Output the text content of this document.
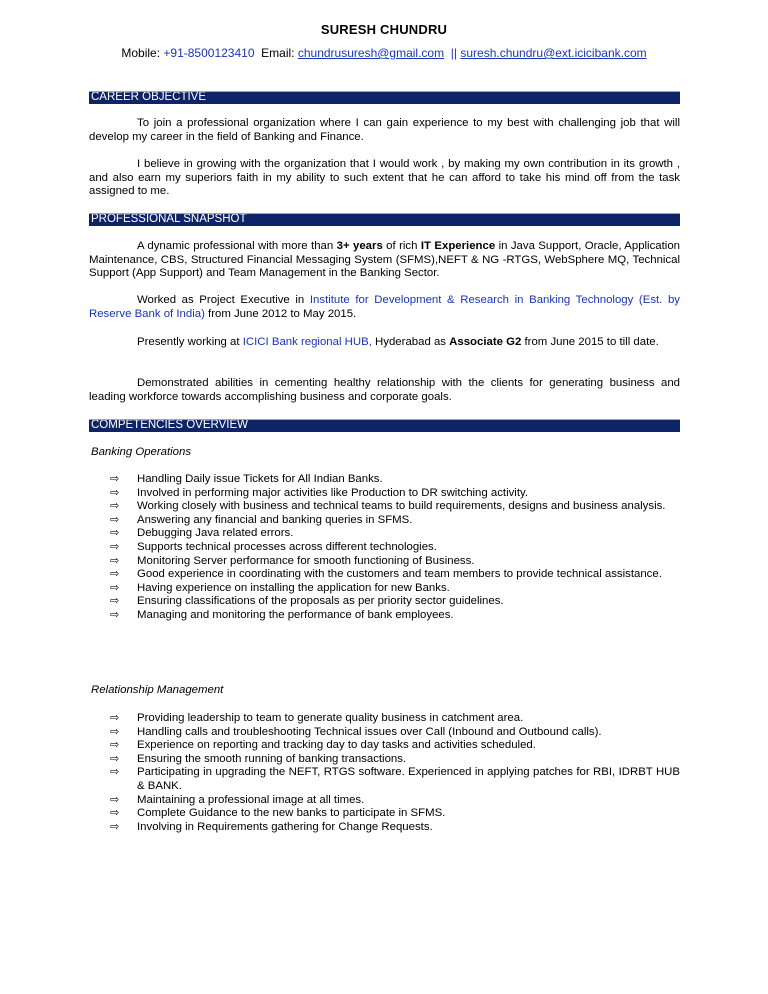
SURESH CHUNDRU
Mobile: +91-8500123410 Email: chundrusuresh@gmail.com || suresh.chundru@ext.icicibank.com
CAREER OBJECTIVE

To join a professional organization where I can gain experience to my best with challenging job that will develop my career in the field of Banking and Finance.

I believe in growing with the organization that I would work , by making my own contribution in its growth , and also earn my superiors faith in my ability to such extent that he can afford to take his mind off from the task assigned to me.

PROFESSIONAL SNAPSHOT

A dynamic professional with more than 3+ years of rich IT Experience in Java Support, Oracle, Application Maintenance, CBS, Structured Financial Messaging System (SFMS),NEFT & NG -RTGS, WebSphere MQ, Technical Support (App Support) and Team Management in the Banking Sector.

Worked as Project Executive in Institute for Development & Research in Banking Technology (Est. by Reserve Bank of India) from June 2012 to May 2015.

Presently working at ICICI Bank regional HUB, Hyderabad as Associate G2 from June 2015 to till date.

Demonstrated abilities in cementing healthy relationship with the clients for generating business and leading workforce towards accomplishing business and corporate goals.

COMPETENCIES OVERVIEW
Banking Operations
⇨ Handling Daily issue Tickets for All Indian Banks.
⇨ Involved in performing major activities like Production to DR switching activity.
⇨ Working closely with business and technical teams to build requirements, designs and business analysis.
⇨ Answering any financial and banking queries in SFMS.
⇨ Debugging Java related errors.
⇨ Supports technical processes across different technologies.
⇨ Monitoring Server performance for smooth functioning of Business.
⇨ Good experience in coordinating with the customers and team members to provide technical assistance.
⇨ Having experience on installing the application for new Banks.
⇨ Ensuring classifications of the proposals as per priority sector guidelines.
⇨ Managing and monitoring the performance of bank employees.
Relationship Management
⇨ Providing leadership to team to generate quality business in catchment area.
⇨ Handling calls and troubleshooting Technical issues over Call (Inbound and Outbound calls).
⇨ Experience on reporting and tracking day to day tasks and activities scheduled.
⇨ Ensuring the smooth running of banking transactions.
⇨ Participating in upgrading the NEFT, RTGS software. Experienced in applying patches for RBI, IDRBT HUB & BANK.
⇨ Maintaining a professional image at all times.
⇨ Complete Guidance to the new banks to participate in SFMS.
⇨ Involving in Requirements gathering for Change Requests.
